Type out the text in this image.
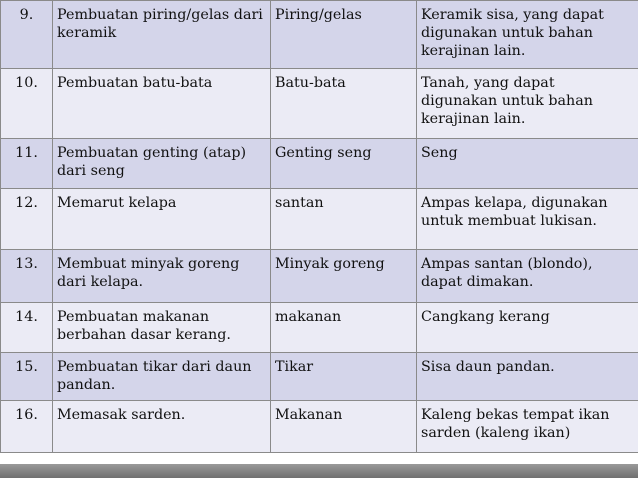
9.	Pembuatan piring/gelas dari keramik	Piring/gelas	Keramik sisa, yang dapat digunakan untuk bahan kerajinan lain.
10.	Pembuatan batu-bata	Batu-bata	Tanah, yang dapat digunakan untuk bahan kerajinan lain.
11.	Pembuatan genting (atap) dari seng	Genting seng	Seng
12.	Memarut kelapa	santan	Ampas kelapa, digunakan untuk membuat lukisan.
13.	Membuat minyak goreng dari kelapa.	Minyak goreng	Ampas santan (blondo), dapat dimakan.
14.	Pembuatan makanan berbahan dasar kerang.	makanan	Cangkang kerang
15.	Pembuatan tikar dari daun pandan.	Tikar	Sisa daun pandan.
16.	Memasak sarden.	Makanan	Kaleng bekas tempat ikan sarden (kaleng ikan)
